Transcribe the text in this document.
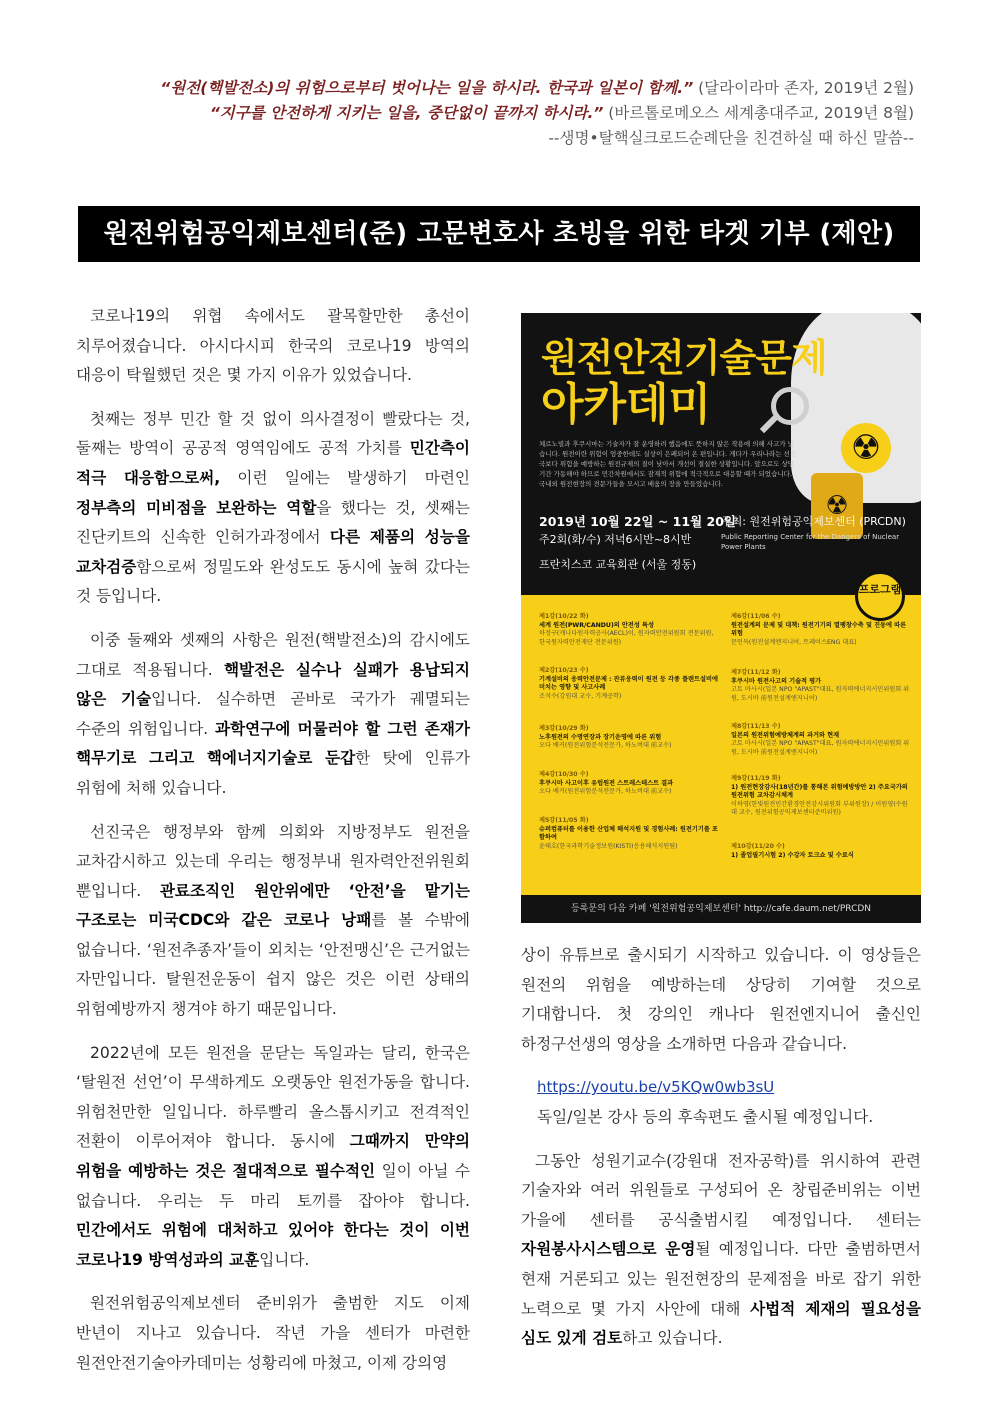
“원전(핵발전소)의 위험으로부터 벗어나는 일을 하시라. 한국과 일본이 함께.” (달라이라마 존자, 2019년 2월)
“지구를 안전하게 지키는 일을, 중단없이 끝까지 하시라.” (바르톨로메오스 세계총대주교, 2019년 8월)
--생명•탈핵실크로드순례단을 친견하실 때 하신 말씀--
원전위험공익제보센터(준) 고문변호사 초빙을 위한 타겟 기부 (제안)

코로나19의 위협 속에서도 괄목할만한 총선이 치루어졌습니다. 아시다시피 한국의 코로나19 방역의 대응이 탁월했던 것은 몇 가지 이유가 있었습니다.

첫째는 정부 민간 할 것 없이 의사결정이 빨랐다는 것, 둘째는 방역이 공공적 영역임에도 공적 가치를 민간측이 적극 대응함으로써, 이런 일에는 발생하기 마련인 정부측의 미비점을 보완하는 역할을 했다는 것, 셋째는 진단키트의 신속한 인허가과정에서 다른 제품의 성능을 교차검증함으로써 정밀도와 완성도도 동시에 높혀 갔다는 것 등입니다.

이중 둘째와 셋째의 사항은 원전(핵발전소)의 감시에도 그대로 적용됩니다. 핵발전은 실수나 실패가 용납되지 않은 기술입니다. 실수하면 곧바로 국가가 궤멸되는 수준의 위험입니다. 과학연구에 머물러야 할 그런 존재가 핵무기로 그리고 핵에너지기술로 둔갑한 탓에 인류가 위험에 처해 있습니다.

선진국은 행정부와 함께 의회와 지방정부도 원전을 교차감시하고 있는데 우리는 행정부내 원자력안전위원회 뿐입니다. 관료조직인 원안위에만 ‘안전’을 맡기는 구조로는 미국CDC와 같은 코로나 낭패를 볼 수밖에 없습니다. ‘원전추종자’들이 외치는 ‘안전맹신’은 근거없는 자만입니다. 탈원전운동이 쉽지 않은 것은 이런 상태의 위험예방까지 챙겨야 하기 때문입니다.

2022년에 모든 원전을 문닫는 독일과는 달리, 한국은 ‘탈원전 선언’이 무색하게도 오랫동안 원전가동을 합니다. 위험천만한 일입니다. 하루빨리 올스톱시키고 전격적인 전환이 이루어져야 합니다. 동시에 그때까지 만약의 위험을 예방하는 것은 절대적으로 필수적인 일이 아닐 수 없습니다. 우리는 두 마리 토끼를 잡아야 합니다. 민간에서도 위험에 대처하고 있어야 한다는 것이 이번 코로나19 방역성과의 교훈입니다.

원전위험공익제보센터 준비위가 출범한 지도 이제 반년이 지나고 있습니다. 작년 가을 센터가 마련한 원전안전기술아카데미는 성황리에 마쳤고, 이제 강의영

☢
☢
원전안전기술문제
아카데미
체르노빌과 후쿠시마는 기술자가 잘 운영하려 했음에도 뜻하지 않은 작용에 의해 사고가 났습니다. 원전이란 위험이 엄중한데도 실상이 은폐되어 온 편입니다. 게다가 우리나라는 선진국보다 위험을 예방하는 원전규제의 질이 낮아서 개선이 절실한 상황입니다. 앞으로도 상당기간 가동해야 하므로 민간차원에서도 잠재적 위험에 적극적으로 대응할 때가 되었습니다. 국내외 원전현장의 전문가들을 모시고 배움의 장을 만들었습니다.
2019년 10월 22일 ~ 11월 20일
주2회(화/수) 저녁6시반~8시반
프란치스코 교육회관 (서울 정동)
주최: 원전위험공익제보센터 (PRCDN)
Public Reporting Center for the Dangers of Nuclear Power Plants
프로그램
제1강(10/22 화)
세계 원전(PWR/CANDU)의 안전성 특성
하정구(캐나다원자력공사(AECL)이, 원자력안전위원회 전문위원, 한국원자력안전재단 전문위원)
제2강(10/23 수)
기계설비의 응력안전문제 : 잔류응력이 원전 등 각종 플랜트설비에 미치는 영향 및 사고사례
조석수(강원대 교수, 기계공학)
제3강(10/29 화)
노후원전의 수명연장과 장기운영에 따른 위험
오다 베커(원전위험분석전문가, 하노버대 前교수)
제4강(10/30 수)
후쿠시마 사고이후 유럽원전 스트레스테스트 결과
오다 베커(원전위험분석전문가, 하노버대 前교수)
제5강(11/05 화)
슈퍼컴퓨터를 이용한 산업체 해석지원 및 경험사례: 원전기기를 포함하여
윤태호(한국과학기술정보원(KISTI)응용해석지원팀)
제6강(11/06 수)
원전설계의 문제 및 대책: 원전기기의 열팽창수축 및 진동에 따른 위험
문인득(원전설계엔지니어, 트레이스ENG 대표)
제7강(11/12 화)
후쿠시마 원전사고의 기술적 평가
고토 마사시(일본 NPO "APAST"대표, 원자력에너지시민위원회 위원, 도시바 前원전설계엔지니어)
제8강(11/13 수)
일본의 원전위험예방체계의 과거와 현재
고토 마사시(일본 NPO "APAST"대표, 원자력에너지시민위원회 위원, 도시바 前원전설계엔지니어)
제9강(11/19 화)
1) 원전현장감사(18년간)를 통해본 위험예방방안 2) 주요국가의 원전위험 교차감시체계
이하영(한빛원전민간환경안전감시위원회 부위원장) / 이원영(수원대 교수, 원전위험공익제보센터준비위원)
제10강(11/20 수)
1) 졸업필기시험 2) 수강자 토크쇼 및 수료식
등록문의 다음 카페 '원전위험공익제보센터' http://cafe.daum.net/PRCDN

상이 유튜브로 출시되기 시작하고 있습니다. 이 영상들은 원전의 위험을 예방하는데 상당히 기여할 것으로 기대합니다. 첫 강의인 캐나다 원전엔지니어 출신인 하정구선생의 영상을 소개하면 다음과 같습니다.

https://youtu.be/v5KQw0wb3sU

독일/일본 강사 등의 후속편도 출시될 예정입니다.

그동안 성원기교수(강원대 전자공학)를 위시하여 관련 기술자와 여러 위원들로 구성되어 온 창립준비위는 이번 가을에 센터를 공식출범시킬 예정입니다. 센터는 자원봉사시스템으로 운영될 예정입니다. 다만 출범하면서 현재 거론되고 있는 원전현장의 문제점을 바로 잡기 위한 노력으로 몇 가지 사안에 대해 사법적 제재의 필요성을 심도 있게 검토하고 있습니다.
